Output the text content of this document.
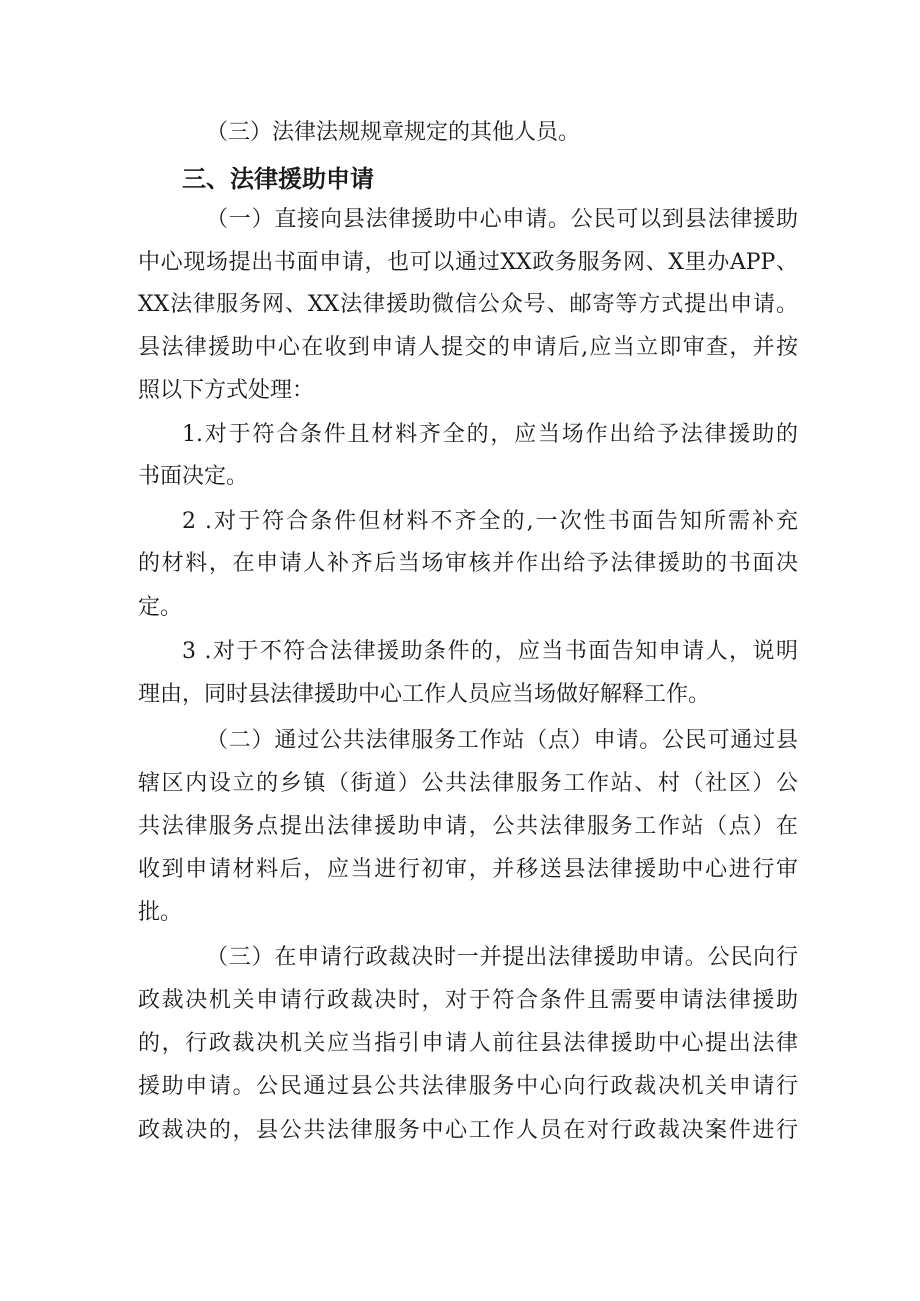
（三）法律法规规章规定的其他人员。
三、法律援助申请
（一）直接向县法律援助中心申请。公民可以到县法律援助
中心现场提出书面申请，也可以通过XX政务服务网、X里办APP、
XX法律服务网、XX法律援助微信公众号、邮寄等方式提出申请。
县法律援助中心在收到申请人提交的申请后,应当立即审查，并按
照以下方式处理：
1.对于符合条件且材料齐全的，应当场作出给予法律援助的
书面决定。
2 .对于符合条件但材料不齐全的,一次性书面告知所需补充
的材料，在申请人补齐后当场审核并作出给予法律援助的书面决
定。
3 .对于不符合法律援助条件的，应当书面告知申请人，说明
理由，同时县法律援助中心工作人员应当场做好解释工作。
（二）通过公共法律服务工作站（点）申请。公民可通过县
辖区内设立的乡镇（街道）公共法律服务工作站、村（社区）公
共法律服务点提出法律援助申请，公共法律服务工作站（点）在
收到申请材料后，应当进行初审，并移送县法律援助中心进行审
批。
（三）在申请行政裁决时一并提出法律援助申请。公民向行
政裁决机关申请行政裁决时，对于符合条件且需要申请法律援助
的，行政裁决机关应当指引申请人前往县法律援助中心提出法律
援助申请。公民通过县公共法律服务中心向行政裁决机关申请行
政裁决的，县公共法律服务中心工作人员在对行政裁决案件进行
